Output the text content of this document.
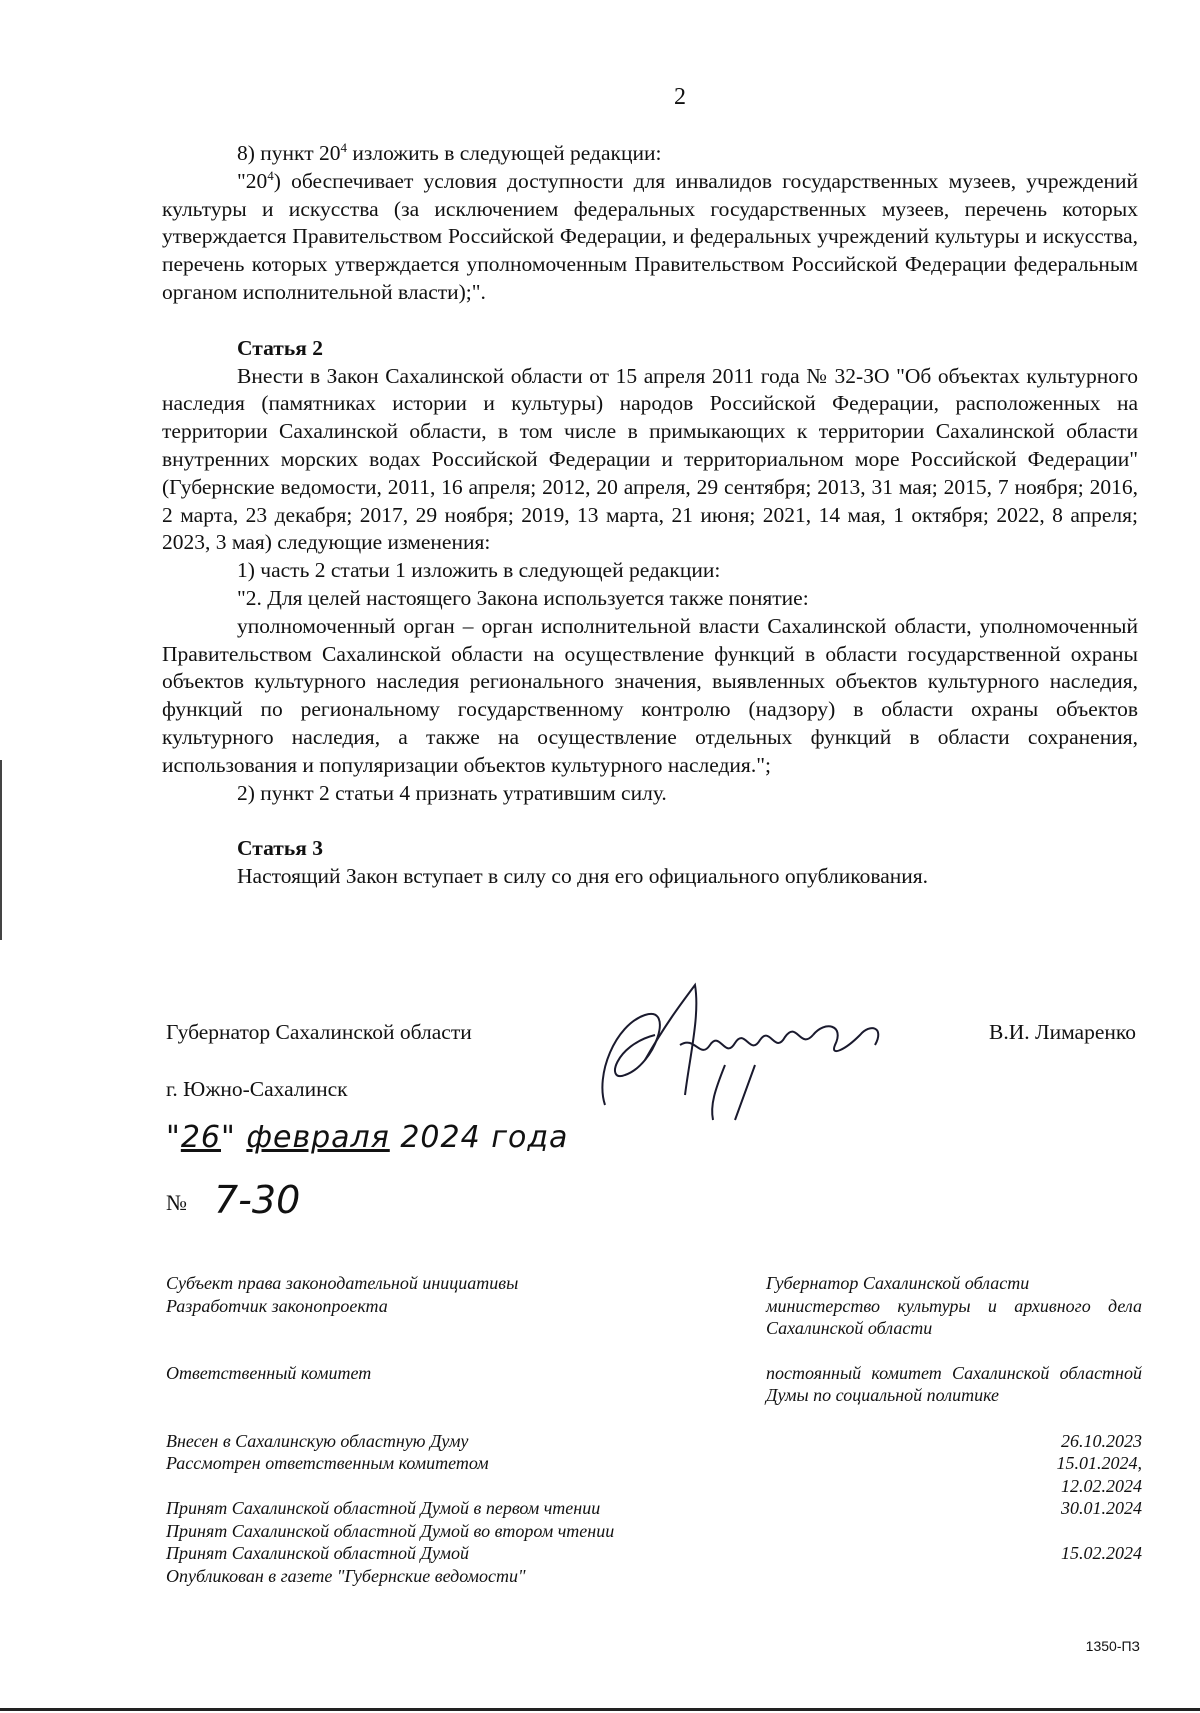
2

8) пункт $20^4$ изложить в следующей редакции:

"$20^4$) обеспечивает условия доступности для инвалидов государственных музеев, учреждений культуры и искусства (за исключением федеральных государственных музеев, перечень которых утверждается Правительством Российской Федерации, и федеральных учреждений культуры и искусства, перечень которых утверждается уполномоченным Правительством Российской Федерации федеральным органом исполнительной власти);".

Статья 2

Внести в Закон Сахалинской области от 15 апреля 2011 года № 32-ЗО "Об объектах культурного наследия (памятниках истории и культуры) народов Российской Федерации, расположенных на территории Сахалинской области, в том числе в примыкающих к территории Сахалинской области внутренних морских водах Российской Федерации и территориальном море Российской Федерации" (Губернские ведомости, 2011, 16 апреля; 2012, 20 апреля, 29 сентября; 2013, 31 мая; 2015, 7 ноября; 2016, 2 марта, 23 декабря; 2017, 29 ноября; 2019, 13 марта, 21 июня; 2021, 14 мая, 1 октября; 2022, 8 апреля; 2023, 3 мая) следующие изменения:

1) часть 2 статьи 1 изложить в следующей редакции:

"2. Для целей настоящего Закона используется также понятие:

уполномоченный орган – орган исполнительной власти Сахалинской области, уполномоченный Правительством Сахалинской области на осуществление функций в области государственной охраны объектов культурного наследия регионального значения, выявленных объектов культурного наследия, функций по региональному государственному контролю (надзору) в области охраны объектов культурного наследия, а также на осуществление отдельных функций в области сохранения, использования и популяризации объектов культурного наследия.";

2) пункт 2 статьи 4 признать утратившим силу.

Статья 3

Настоящий Закон вступает в силу со дня его официального опубликования.

Губернатор Сахалинской области	В.И. Лимаренко
г. Южно-Сахалинск
"26" февраля 2024 года
№ 7-30
Субъект права законодательной инициативы	Губернатор Сахалинской области
Разработчик законопроекта	министерство культуры и архивного дела Сахалинской области
Ответственный комитет	постоянный комитет Сахалинской областной Думы по социальной политике
Внесен в Сахалинскую областную Думу	26.10.2023
Рассмотрен ответственным комитетом	15.01.2024,
12.02.2024
Принят Сахалинской областной Думой в первом чтении	30.01.2024
Принят Сахалинской областной Думой во втором чтении
Принят Сахалинской областной Думой	15.02.2024
Опубликован в газете "Губернские ведомости"
1350-ПЗ
